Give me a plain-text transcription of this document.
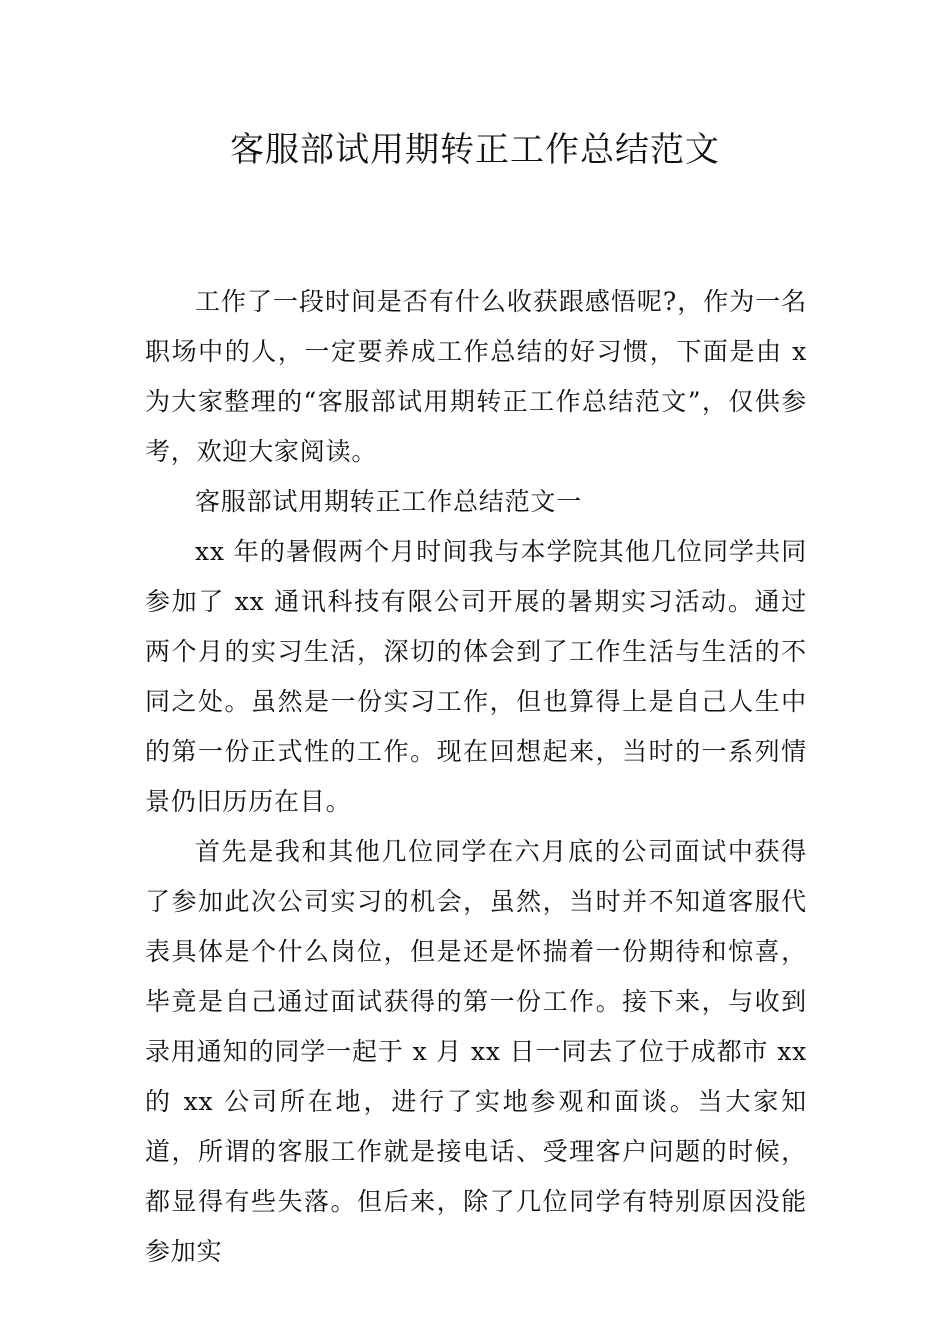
客服部试用期转正工作总结范文

工作了一段时间是否有什么收获跟感悟呢?，作为一名职场中的人，一定要养成工作总结的好习惯，下面是由 x 为大家整理的“客服部试用期转正工作总结范文”，仅供参考，欢迎大家阅读。

客服部试用期转正工作总结范文一

xx 年的暑假两个月时间我与本学院其他几位同学共同参加了 xx 通讯科技有限公司开展的暑期实习活动。通过两个月的实习生活，深切的体会到了工作生活与生活的不同之处。虽然是一份实习工作，但也算得上是自己人生中的第一份正式性的工作。现在回想起来，当时的一系列情景仍旧历历在目。

首先是我和其他几位同学在六月底的公司面试中获得了参加此次公司实习的机会，虽然，当时并不知道客服代表具体是个什么岗位，但是还是怀揣着一份期待和惊喜，毕竟是自己通过面试获得的第一份工作。接下来，与收到录用通知的同学一起于 x 月 xx 日一同去了位于成都市 xx 的 xx 公司所在地，进行了实地参观和面谈。当大家知道，所谓的客服工作就是接电话、受理客户问题的时候，都显得有些失落。但后来，除了几位同学有特别原因没能参加实
